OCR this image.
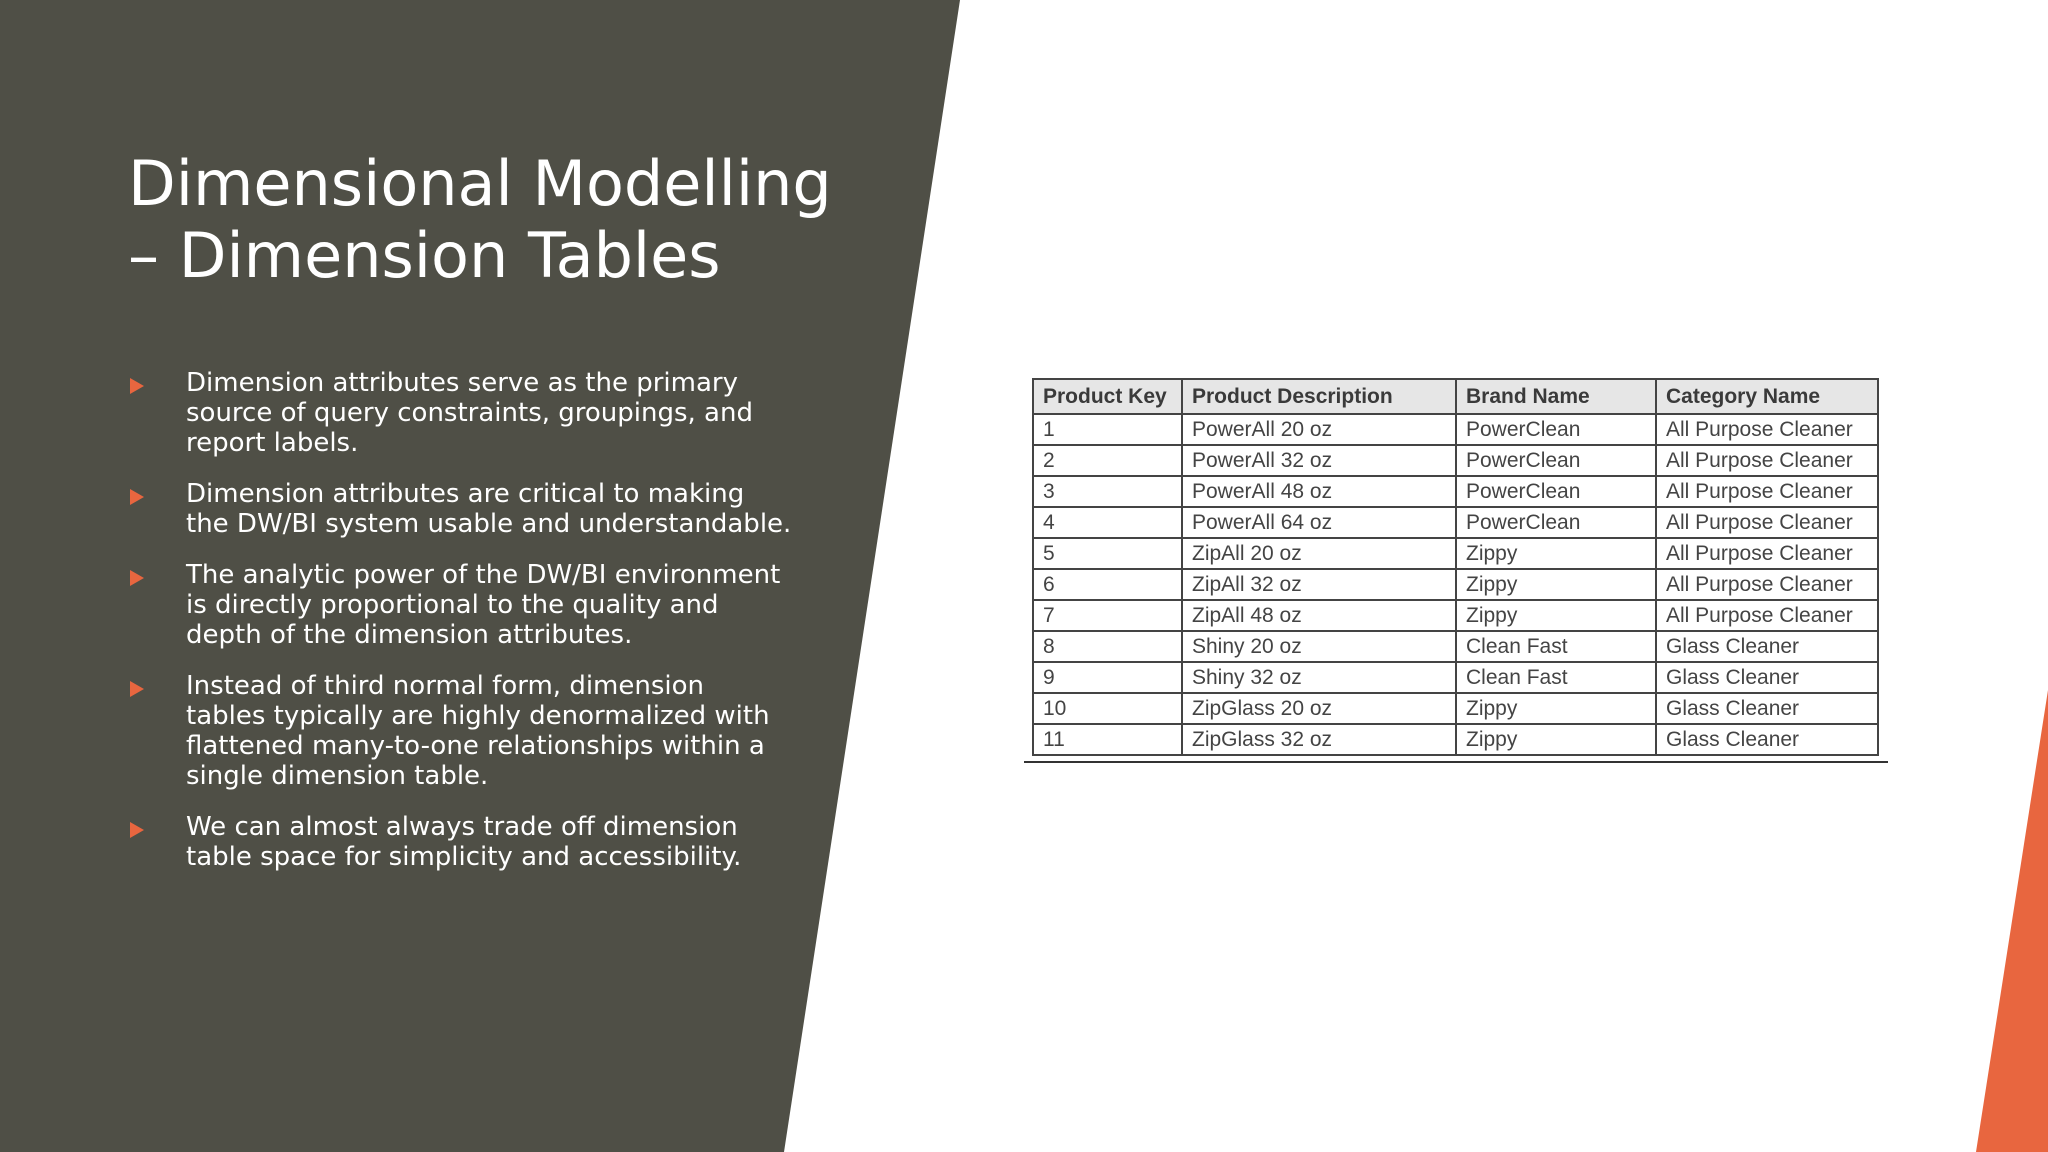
Dimensional Modelling
– Dimension Tables
Dimension attributes serve as the primary
source of query constraints, groupings, and
report labels.
Dimension attributes are critical to making
the DW/BI system usable and understandable.
The analytic power of the DW/BI environment
is directly proportional to the quality and
depth of the dimension attributes.
Instead of third normal form, dimension
tables typically are highly denormalized with
flattened many-to-one relationships within a
single dimension table.
We can almost always trade off dimension
table space for simplicity and accessibility.
Product Key	Product Description	Brand Name	Category Name
1	PowerAll 20 oz	PowerClean	All Purpose Cleaner
2	PowerAll 32 oz	PowerClean	All Purpose Cleaner
3	PowerAll 48 oz	PowerClean	All Purpose Cleaner
4	PowerAll 64 oz	PowerClean	All Purpose Cleaner
5	ZipAll 20 oz	Zippy	All Purpose Cleaner
6	ZipAll 32 oz	Zippy	All Purpose Cleaner
7	ZipAll 48 oz	Zippy	All Purpose Cleaner
8	Shiny 20 oz	Clean Fast	Glass Cleaner
9	Shiny 32 oz	Clean Fast	Glass Cleaner
10	ZipGlass 20 oz	Zippy	Glass Cleaner
11	ZipGlass 32 oz	Zippy	Glass Cleaner
